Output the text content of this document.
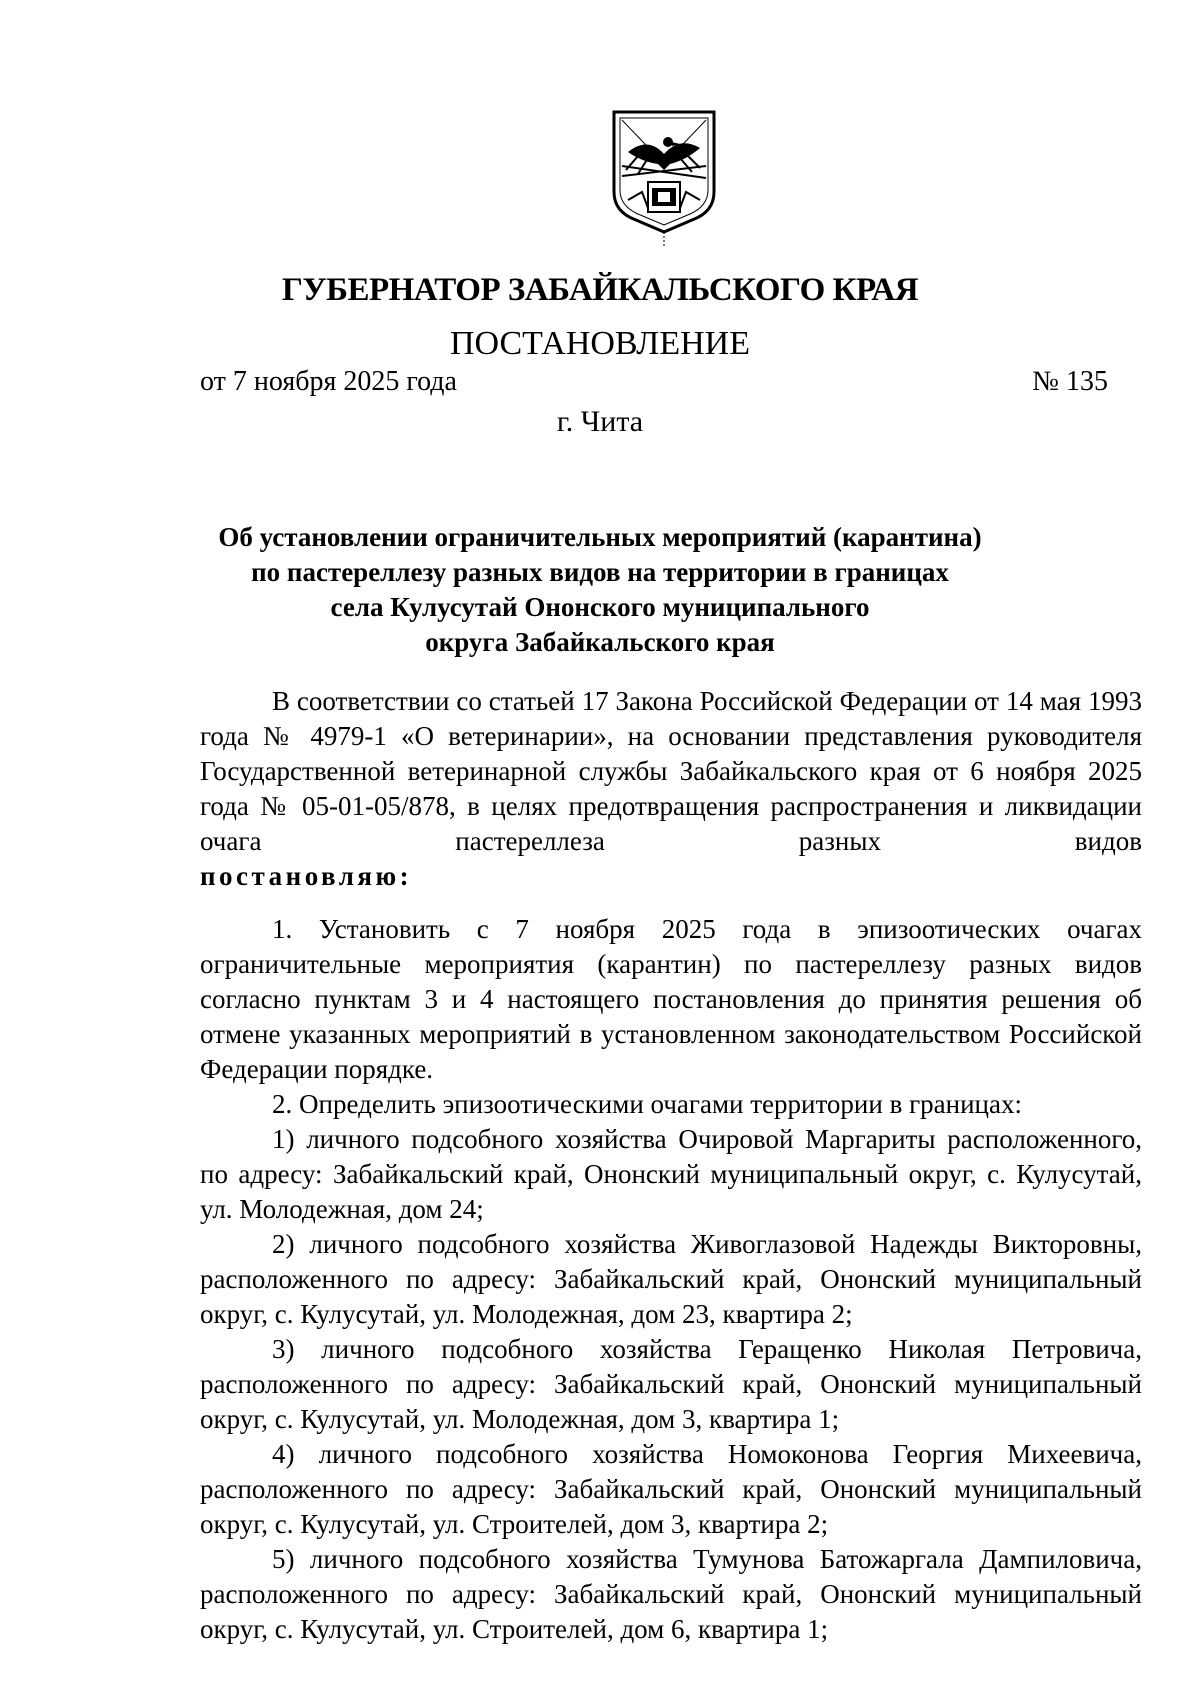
ГУБЕРНАТОР ЗАБАЙКАЛЬСКОГО КРАЯ
ПОСТАНОВЛЕНИЕ
от 7 ноября 2025 года	№ 135
г. Чита
Об установлении ограничительных мероприятий (карантина)
по пастереллезу разных видов на территории в границах
села Кулусутай Ононского муниципального
округа Забайкальского края

В соответствии со статьей 17 Закона Российской Федерации от 14 мая 1993 года № 4979-1 «О ветеринарии», на основании представления руководителя Государственной ветеринарной службы Забайкальского края от 6 ноября 2025 года № 05-01-05/878, в целях предотвращения распространения и ликвидации очага пастереллеза разных видов

постановляю:

1. Установить с 7 ноября 2025 года в эпизоотических очагах ограничительные мероприятия (карантин) по пастереллезу разных видов согласно пунктам 3 и 4 настоящего постановления до принятия решения об отмене указанных мероприятий в установленном законодательством Российской Федерации порядке.

2. Определить эпизоотическими очагами территории в границах:

1) личного подсобного хозяйства Очировой Маргариты расположенного, по адресу: Забайкальский край, Ононский муниципальный округ, с. Кулусутай, ул. Молодежная, дом 24;

2) личного подсобного хозяйства Живоглазовой Надежды Викторовны, расположенного по адресу: Забайкальский край, Ононский муниципальный округ, с. Кулусутай, ул. Молодежная, дом 23, квартира 2;

3) личного подсобного хозяйства Геращенко Николая Петровича, расположенного по адресу: Забайкальский край, Ононский муниципальный округ, с. Кулусутай, ул. Молодежная, дом 3, квартира 1;

4) личного подсобного хозяйства Номоконова Георгия Михеевича, расположенного по адресу: Забайкальский край, Ононский муниципальный округ, с. Кулусутай, ул. Строителей, дом 3, квартира 2;

5) личного подсобного хозяйства Тумунова Батожаргала Дампиловича, расположенного по адресу: Забайкальский край, Ононский муниципальный округ, с. Кулусутай, ул. Строителей, дом 6, квартира 1;
